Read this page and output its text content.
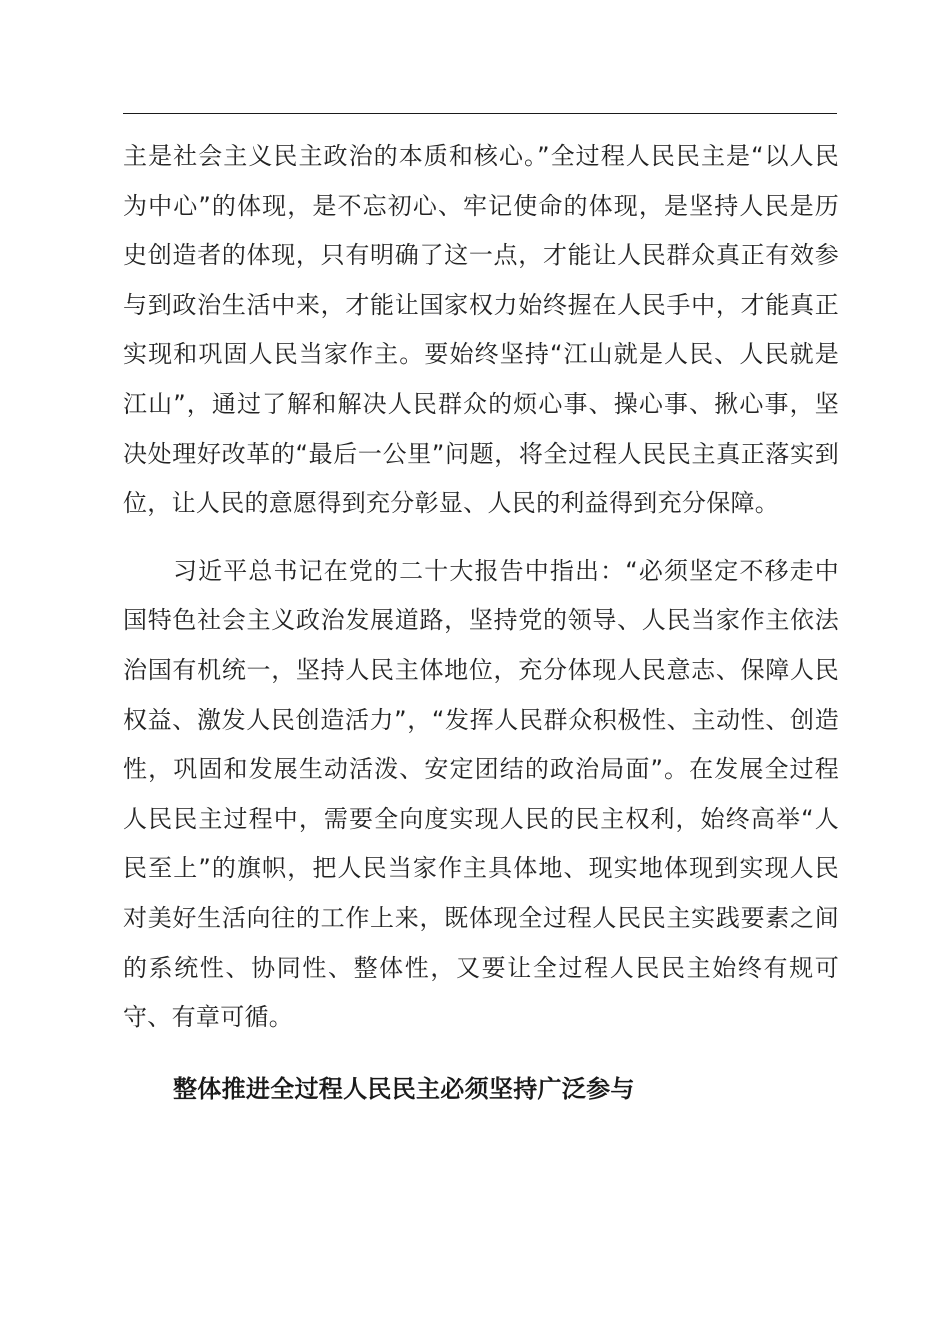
主是社会主义民主政治的本质和核心。”全过程人民民主是“以人民为中心”的体现，是不忘初心、牢记使命的体现，是坚持人民是历史创造者的体现，只有明确了这一点，才能让人民群众真正有效参与到政治生活中来，才能让国家权力始终握在人民手中，才能真正实现和巩固人民当家作主。要始终坚持“江山就是人民、人民就是江山”，通过了解和解决人民群众的烦心事、操心事、揪心事，坚决处理好改革的“最后一公里”问题，将全过程人民民主真正落实到位，让人民的意愿得到充分彰显、人民的利益得到充分保障。

习近平总书记在党的二十大报告中指出：“必须坚定不移走中国特色社会主义政治发展道路，坚持党的领导、人民当家作主依法治国有机统一，坚持人民主体地位，充分体现人民意志、保障人民权益、激发人民创造活力”，“发挥人民群众积极性、主动性、创造性，巩固和发展生动活泼、安定团结的政治局面”。在发展全过程人民民主过程中，需要全向度实现人民的民主权利，始终高举“人民至上”的旗帜，把人民当家作主具体地、现实地体现到实现人民对美好生活向往的工作上来，既体现全过程人民民主实践要素之间的系统性、协同性、整体性，又要让全过程人民民主始终有规可守、有章可循。

整体推进全过程人民民主必须坚持广泛参与
